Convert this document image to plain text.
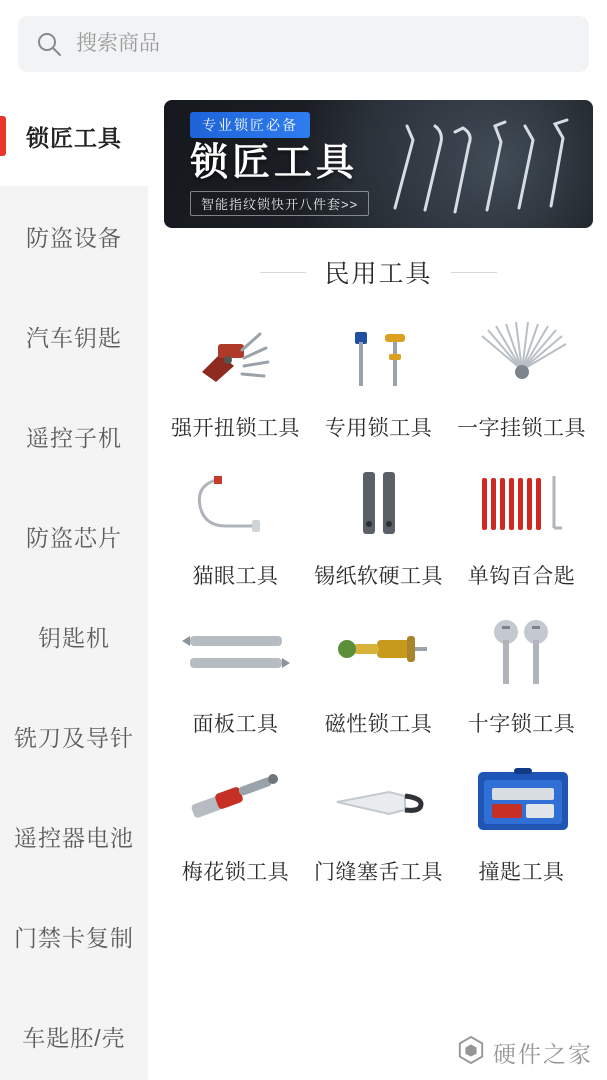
搜索商品
锁匠工具
防盗设备
汽车钥匙
遥控子机
防盗芯片
钥匙机
铣刀及导针
遥控器电池
门禁卡复制
车匙胚/壳
专业锁匠必备
锁匠工具
智能指纹锁快开八件套>>
民用工具
强开扭锁工具 专用锁工具 一字挂锁工具
猫眼工具 锡纸软硬工具 单钩百合匙
面板工具 磁性锁工具 十字锁工具
梅花锁工具 门缝塞舌工具 撞匙工具
硬件之家
